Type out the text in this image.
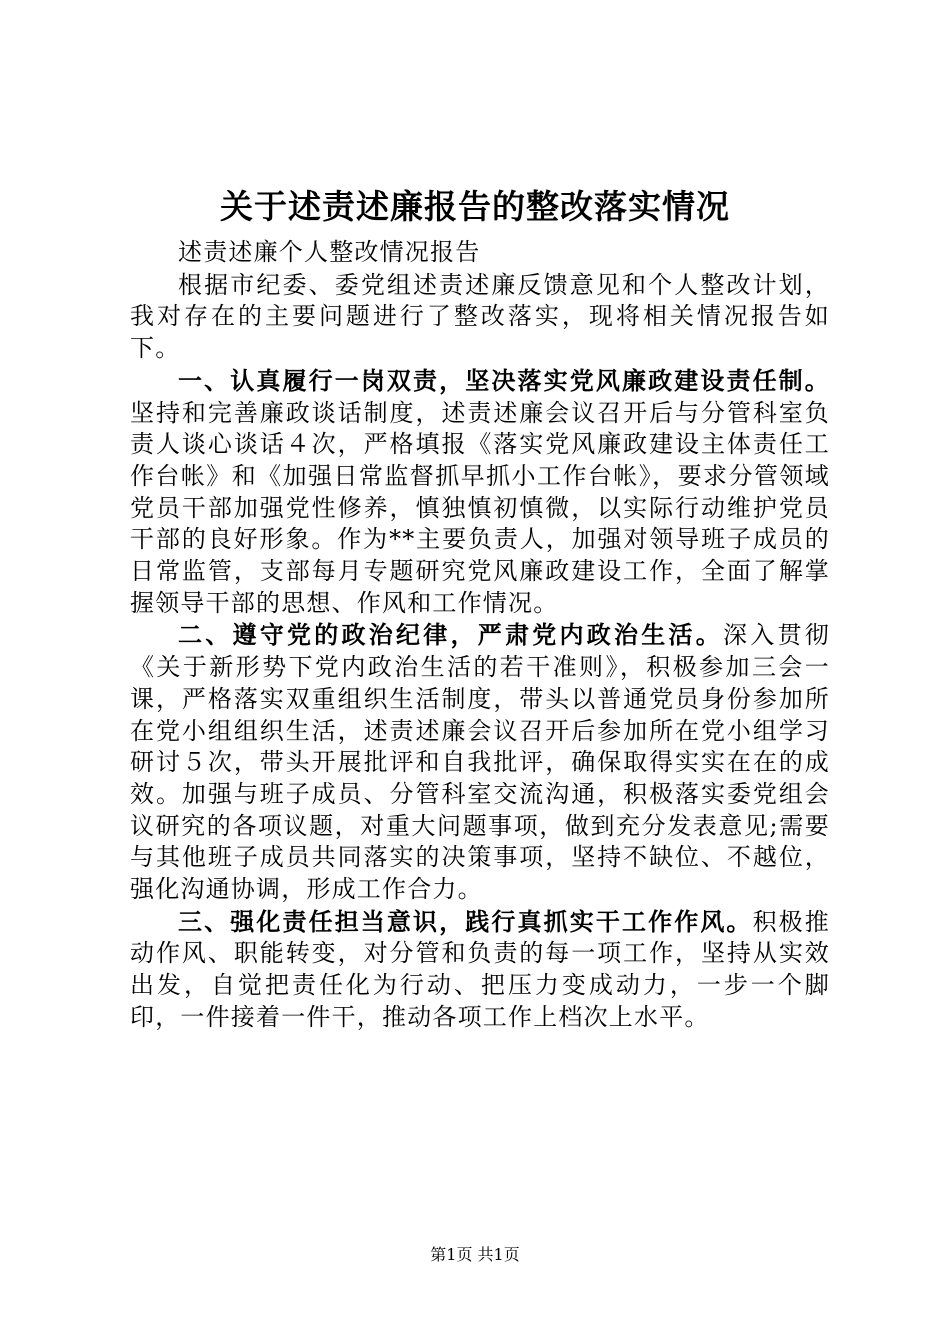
关于述责述廉报告的整改落实情况

述责述廉个人整改情况报告

根据市纪委、委党组述责述廉反馈意见和个人整改计划，我对存在的主要问题进行了整改落实，现将相关情况报告如下。

一、认真履行一岗双责，坚决落实党风廉政建设责任制。坚持和完善廉政谈话制度，述责述廉会议召开后与分管科室负责人谈心谈话４次，严格填报《落实党风廉政建设主体责任工作台帐》和《加强日常监督抓早抓小工作台帐》，要求分管领域党员干部加强党性修养，慎独慎初慎微，以实际行动维护党员干部的良好形象。作为**主要负责人，加强对领导班子成员的日常监管，支部每月专题研究党风廉政建设工作，全面了解掌握领导干部的思想、作风和工作情况。

二、遵守党的政治纪律，严肃党内政治生活。深入贯彻《关于新形势下党内政治生活的若干准则》，积极参加三会一课，严格落实双重组织生活制度，带头以普通党员身份参加所在党小组组织生活，述责述廉会议召开后参加所在党小组学习研讨５次，带头开展批评和自我批评，确保取得实实在在的成效。加强与班子成员、分管科室交流沟通，积极落实委党组会议研究的各项议题，对重大问题事项，做到充分发表意见;需要与其他班子成员共同落实的决策事项，坚持不缺位、不越位，强化沟通协调，形成工作合力。

三、强化责任担当意识，践行真抓实干工作作风。积极推动作风、职能转变，对分管和负责的每一项工作，坚持从实效出发，自觉把责任化为行动、把压力变成动力，一步一个脚印，一件接着一件干，推动各项工作上档次上水平。

第1页 共1页
